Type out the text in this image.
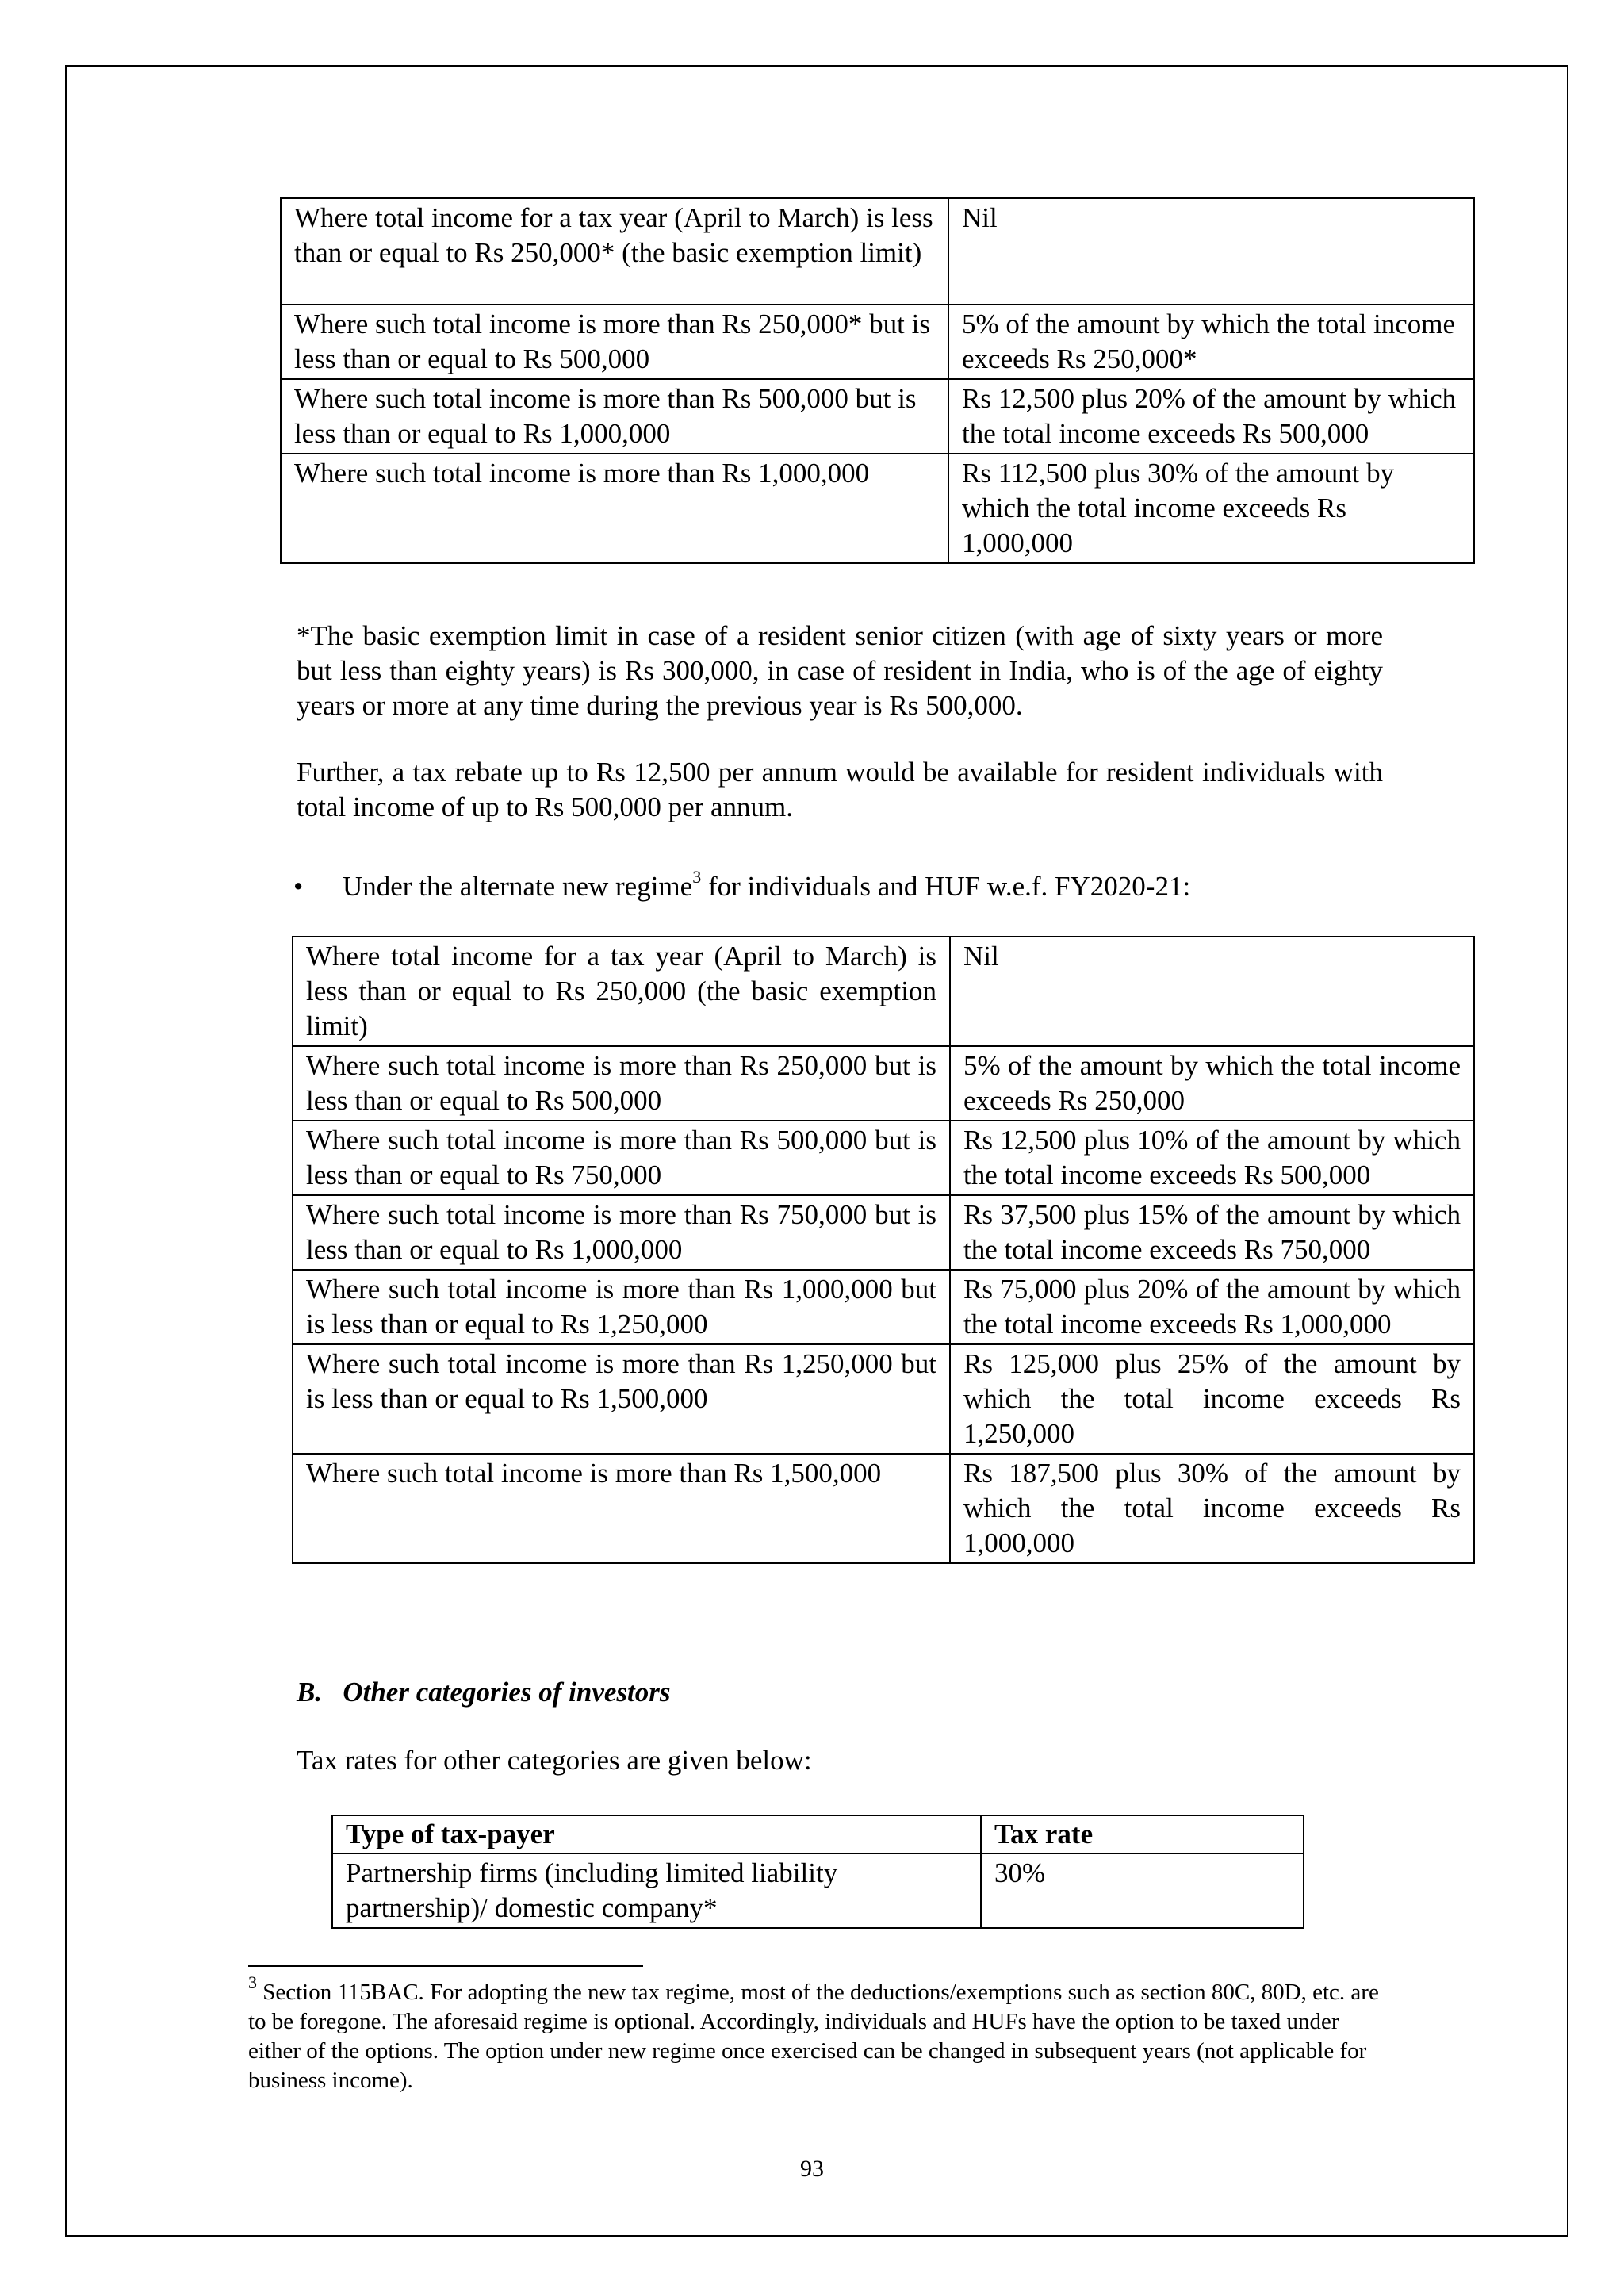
Where total income for a tax year (April to March) is less than or equal to Rs 250,000* (the basic exemption limit)	Nil
Where such total income is more than Rs 250,000* but is less than or equal to Rs 500,000	5% of the amount by which the total income exceeds Rs 250,000*
Where such total income is more than Rs 500,000 but is less than or equal to Rs 1,000,000	Rs 12,500 plus 20% of the amount by which the total income exceeds Rs 500,000
Where such total income is more than Rs 1,000,000	Rs 112,500 plus 30% of the amount by which the total income exceeds Rs 1,000,000

*The basic exemption limit in case of a resident senior citizen (with age of sixty years or more but less than eighty years) is Rs 300,000, in case of resident in India, who is of the age of eighty years or more at any time during the previous year is Rs 500,000.

Further, a tax rebate up to Rs 12,500 per annum would be available for resident individuals with total income of up to Rs 500,000 per annum.

• Under the alternate new regime$^3$ for individuals and HUF w.e.f. FY2020-21:
Where total income for a tax year (April to March) is less than or equal to Rs 250,000 (the basic exemption limit)	Nil
Where such total income is more than Rs 250,000 but is less than or equal to Rs 500,000	5% of the amount by which the total income exceeds Rs 250,000
Where such total income is more than Rs 500,000 but is less than or equal to Rs 750,000	Rs 12,500 plus 10% of the amount by which the total income exceeds Rs 500,000
Where such total income is more than Rs 750,000 but is less than or equal to Rs 1,000,000	Rs 37,500 plus 15% of the amount by which the total income exceeds Rs 750,000
Where such total income is more than Rs 1,000,000 but is less than or equal to Rs 1,250,000	Rs 75,000 plus 20% of the amount by which the total income exceeds Rs 1,000,000
Where such total income is more than Rs 1,250,000 but is less than or equal to Rs 1,500,000	Rs 125,000 plus 25% of the amount by which the total income exceeds Rs 1,250,000
Where such total income is more than Rs 1,500,000	Rs 187,500 plus 30% of the amount by which the total income exceeds Rs 1,000,000
B.   Other categories of investors
Tax rates for other categories are given below:
Type of tax-payer	Tax rate
Partnership firms (including limited liability partnership)/ domestic company*	30%

$^3$ Section 115BAC. For adopting the new tax regime, most of the deductions/exemptions such as section 80C, 80D, etc. are to be foregone. The aforesaid regime is optional. Accordingly, individuals and HUFs have the option to be taxed under either of the options. The option under new regime once exercised can be changed in subsequent years (not applicable for business income).

93
